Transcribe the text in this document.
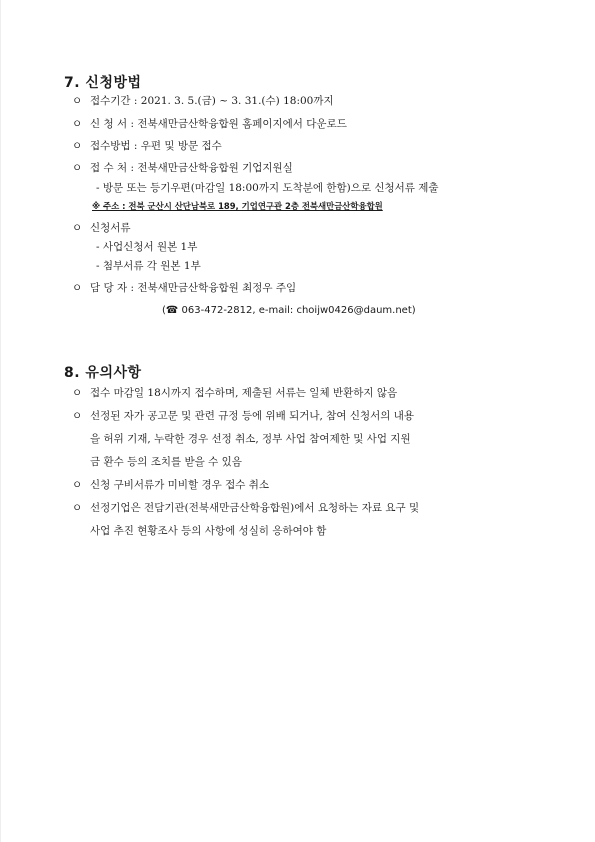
7. 신청방법
ㅇ 접수기간 : 2021. 3. 5.(금) ~ 3. 31.(수) 18:00까지
ㅇ 신 청 서 : 전북새만금산학융합원 홈페이지에서 다운로드
ㅇ 접수방법 : 우편 및 방문 접수
ㅇ 접 수 처 : 전북새만금산학융합원 기업지원실
- 방문 또는 등기우편(마감일 18:00까지 도착분에 한함)으로 신청서류 제출
※ 주소 : 전북 군산시 산단남북로 189, 기업연구관 2층 전북새만금산학융합원
ㅇ 신청서류
- 사업신청서 원본 1부
- 첨부서류 각 원본 1부
ㅇ 담 당 자 : 전북새만금산학융합원 최정우 주임
(☎ 063-472-2812, e-mail: choijw0426@daum.net)
8. 유의사항
ㅇ 접수 마감일 18시까지 접수하며, 제출된 서류는 일체 반환하지 않음
ㅇ 선정된 자가 공고문 및 관련 규정 등에 위배 되거나, 참여 신청서의 내용
을 허위 기재, 누락한 경우 선정 취소, 정부 사업 참여제한 및 사업 지원
금 환수 등의 조치를 받을 수 있음
ㅇ 신청 구비서류가 미비할 경우 접수 취소
ㅇ 선정기업은 전담기관(전북새만금산학융합원)에서 요청하는 자료 요구 및
사업 추진 현황조사 등의 사항에 성실히 응하여야 함
